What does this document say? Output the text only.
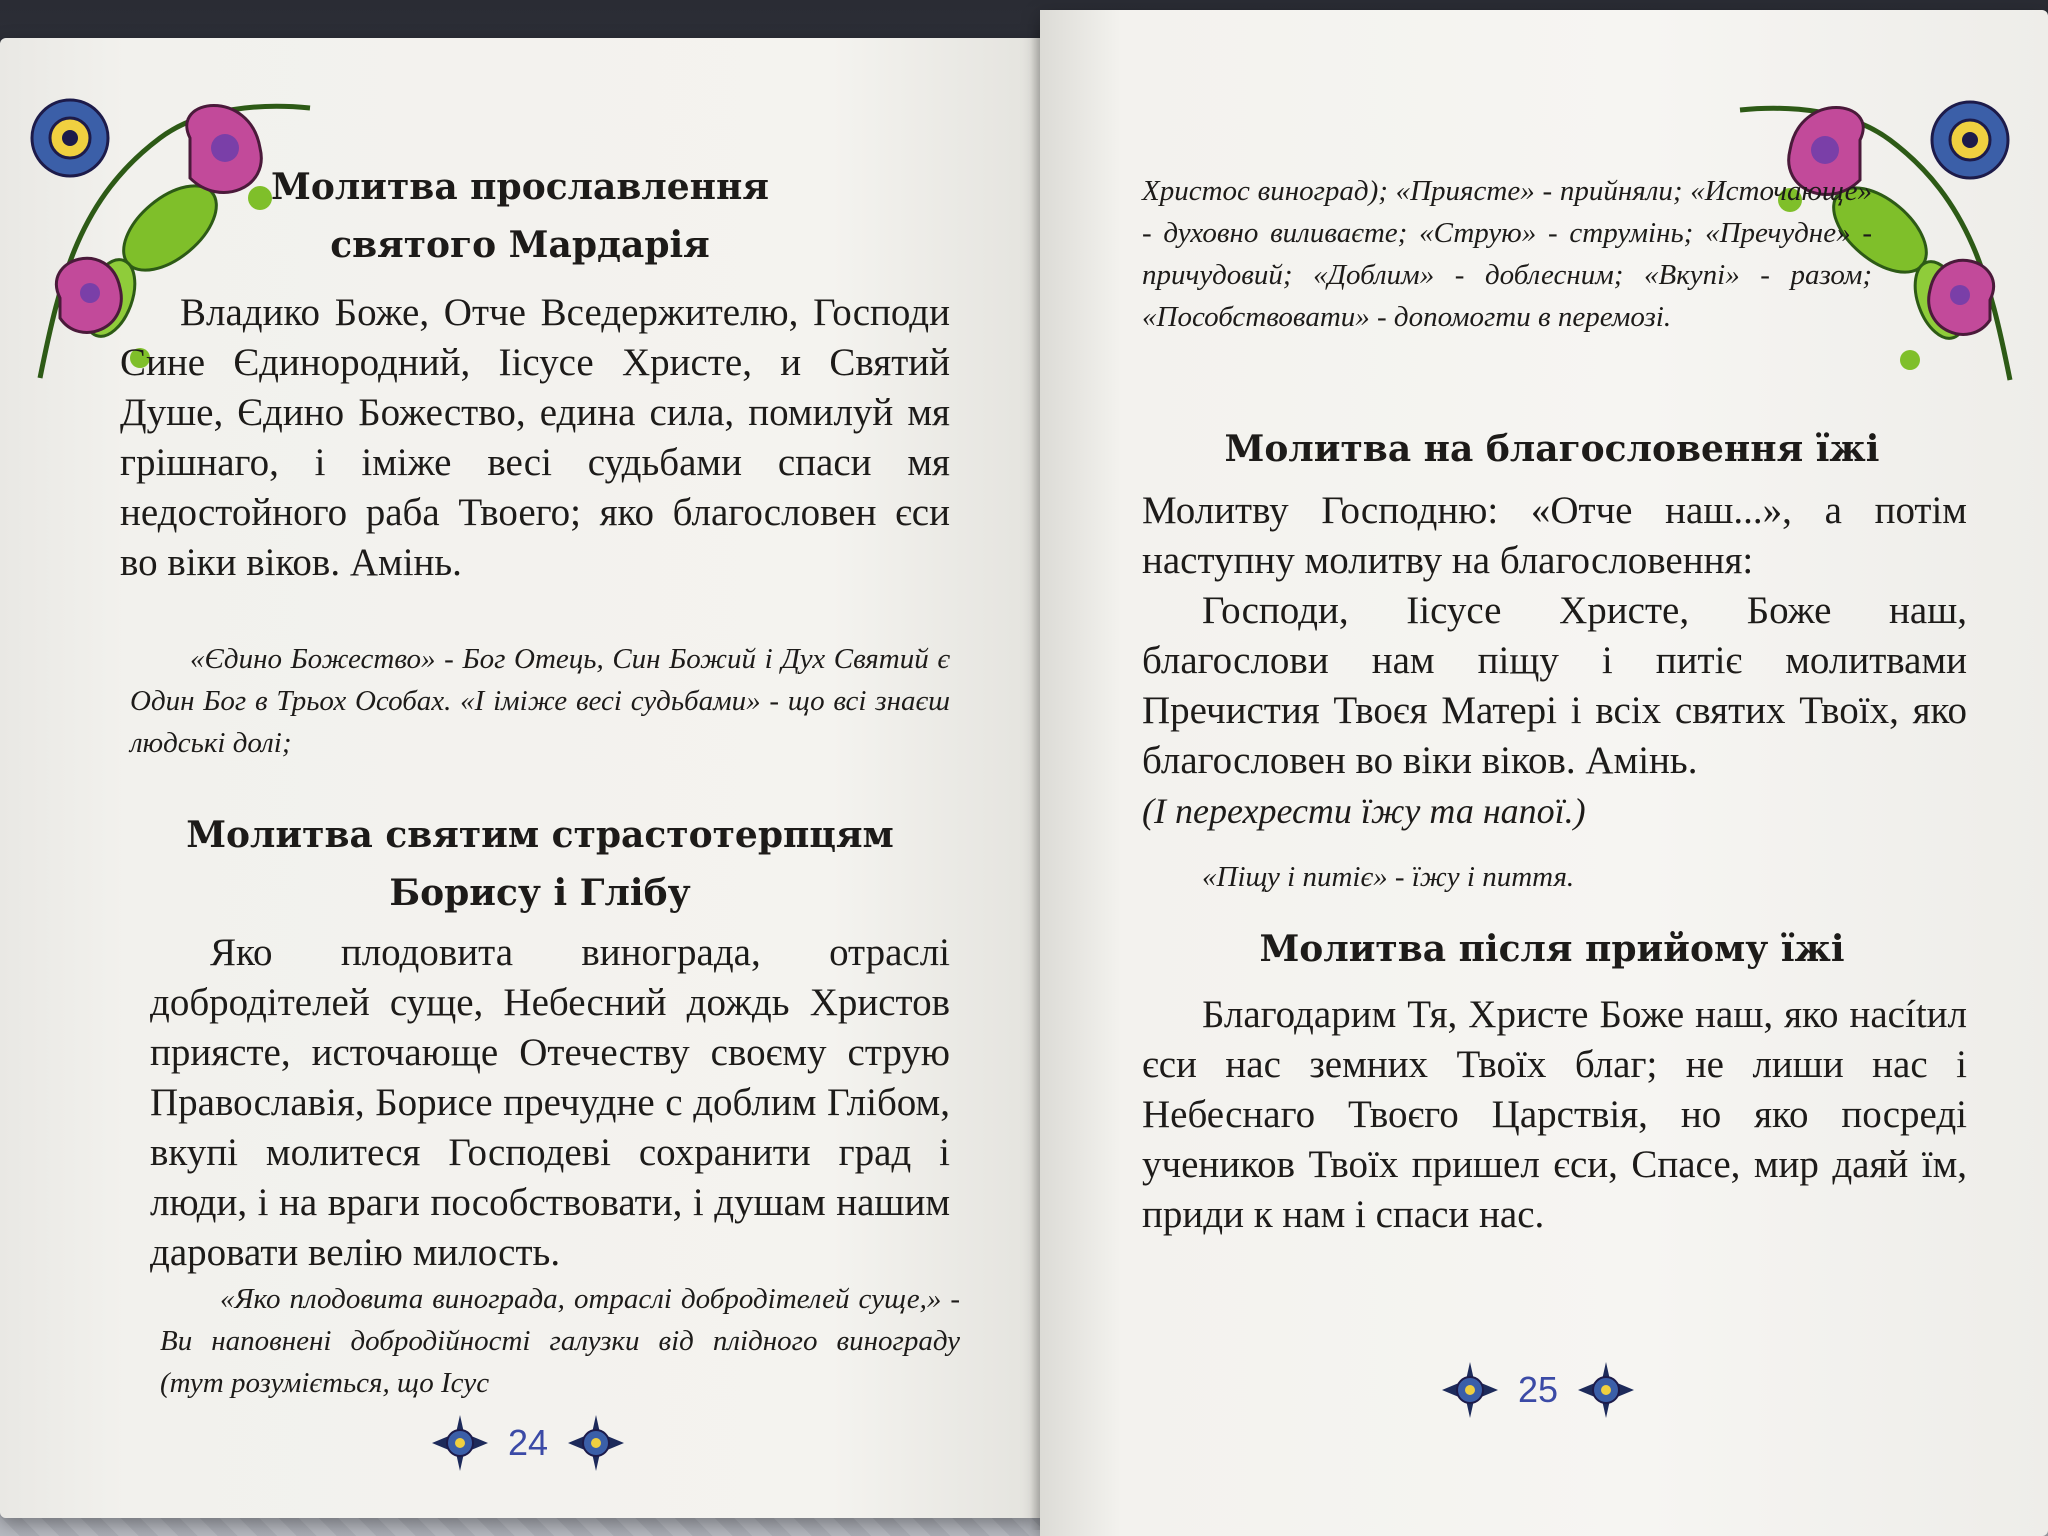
Молитва прославлення святого Мардарія

Владико Боже, Отче Вседержителю, Господи Сине Єдинородний, Іісусе Христе, и Святий Душе, Єдино Божество, едина сила, помилуй мя грішнаго, і іміже весі судьбами спаси мя недостойного раба Твоего; яко благословен єси во віки віков. Амінь.

«Єдино Божество» - Бог Отець, Син Божий і Дух Святий є Один Бог в Трьох Особах. «І іміже весі судьбами» - що всі знаєш людські долі;

Молитва святим страстотерпцям Борису і Глібу

Яко плодовита винограда, отраслі добродітелей суще, Небесний дождь Христов приясте, источающе Отечеству своєму струю Православія, Борисе пречудне с доблим Глібом, вкупі молитеся Господеві сохранити град і люди, і на враги пособствовати, і душам нашим даровати велію милость.

«Яко плодовита винограда, отраслі добродітелей суще,» - Ви наповнені добродійності галузки від плідного винограду (тут розуміється, що Ісус

24

Христос виноград); «Приясте» - прийняли; «Источающе» - духовно виливаєте; «Струю» - струмінь; «Пречудне» - причудовий; «Доблим» - доблесним; «Вкупі» - разом; «Пособствовати» - допомогти в перемозі.

Молитва на благословення їжі

Молитву Господню: «Отче наш...», а потім наступну молитву на благословення:

Господи, Іісусе Христе, Боже наш, благослови нам піщу і питіє молитвами Пречистия Твоєя Матері і всіх святих Твоїх, яко благословен во віки віков. Амінь.

(І перехрести їжу та напої.)

«Піщу і питіє» - їжу і пиття.

Молитва після прийому їжі

Благодарим Тя, Христе Боже наш, яко насítил єси нас земних Твоїх благ; не лиши нас і Небеснаго Твоєго Царствія, но яко посреді учеников Твоїх пришел єси, Спасе, мир даяй їм, приди к нам і спаси нас.

25
